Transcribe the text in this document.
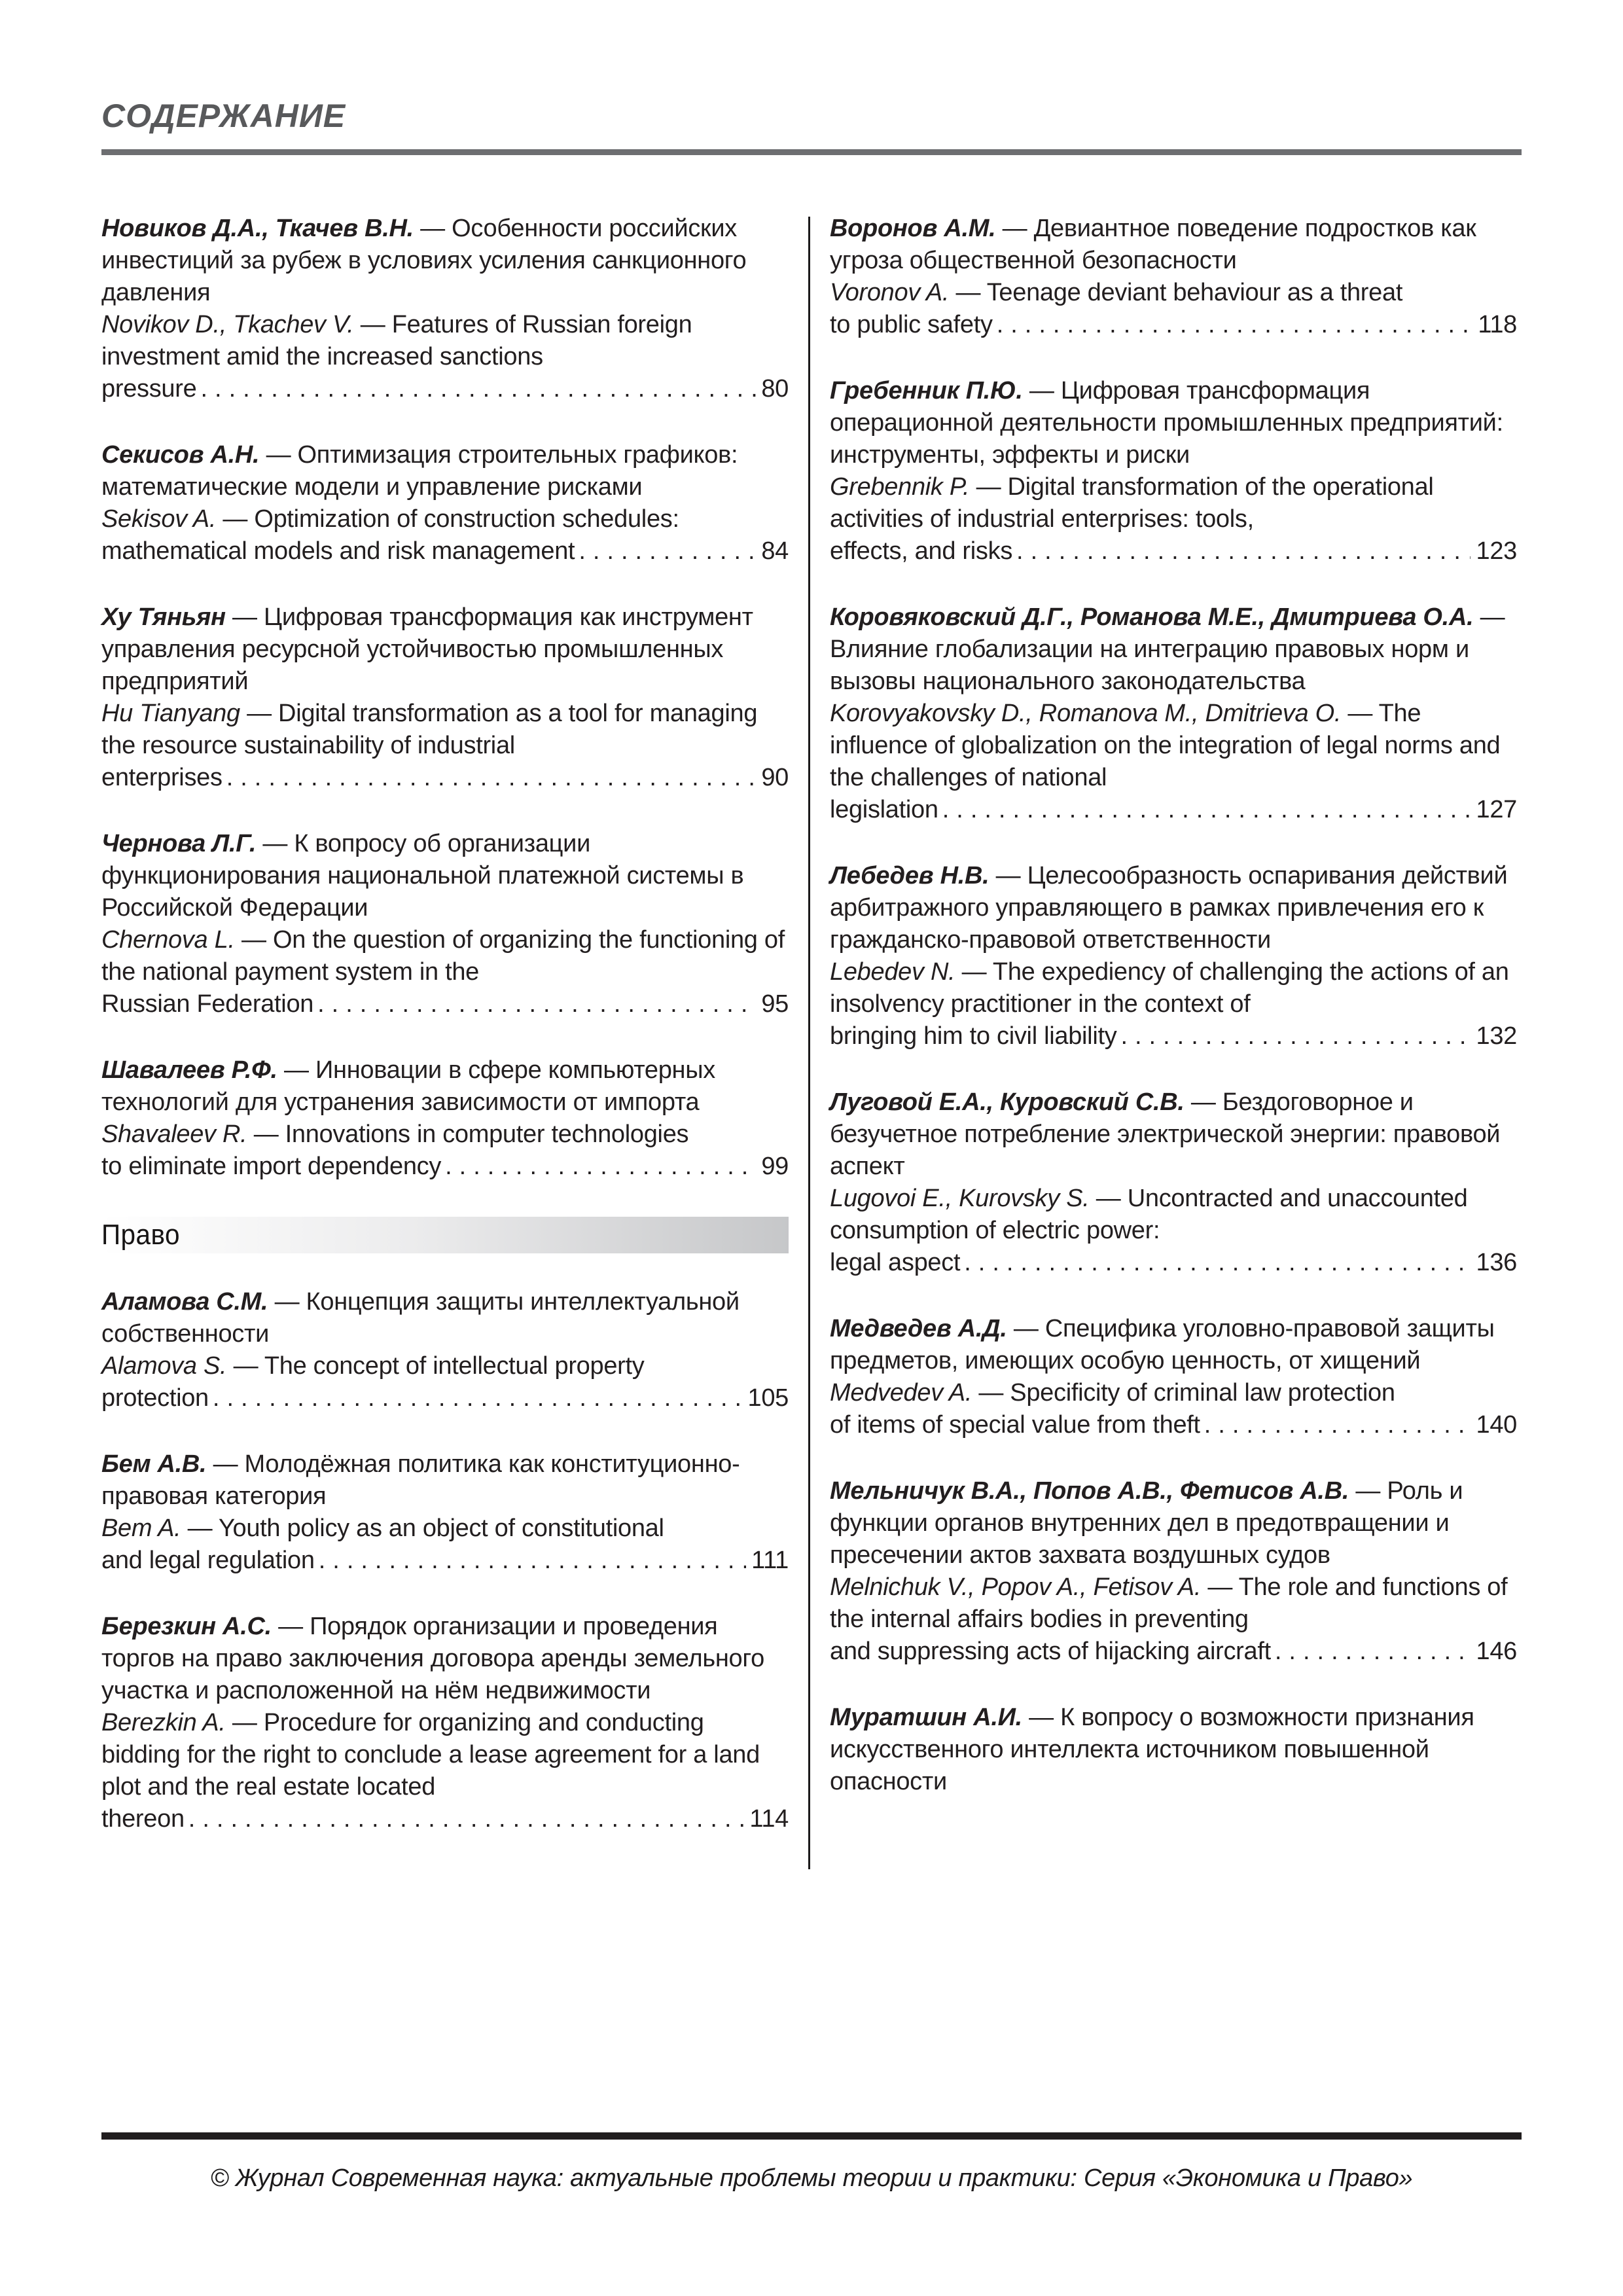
СОДЕРЖАНИЕ

Новиков Д.А., Ткачев В.Н. — Особенности российских инвестиций за рубеж в условиях усиления санкционного давления

Novikov D., Tkachev V. — Features of Russian foreign investment amid the increased sanctions

pressure .....	80

Секисов А.Н. — Оптимизация строительных графиков: математические модели и управление рисками

Sekisov A. — Optimization of construction schedules:

mathematical models and risk management .....	84

Ху Тяньян — Цифровая трансформация как инструмент управления ресурсной устойчивостью промышленных предприятий

Hu Tianyang — Digital transformation as a tool for managing the resource sustainability of industrial

enterprises .....	90

Чернова Л.Г. — К вопросу об организации функционирования национальной платежной системы в Российской Федерации

Chernova L. — On the question of organizing the functioning of the national payment system in the

Russian Federation .....	95

Шавалеев Р.Ф. — Инновации в сфере компьютерных технологий для устранения зависимости от импорта

Shavaleev R. — Innovations in computer technologies

to eliminate import dependency .....	99
Право

Аламова С.М. — Концепция защиты интеллектуальной собственности

Alamova S. — The concept of intellectual property

protection .....	105

Бем А.В. — Молодёжная политика как конституционно-правовая категория

Bem A. — Youth policy as an object of constitutional

and legal regulation .....	111

Березкин А.С. — Порядок организации и проведения торгов на право заключения договора аренды земельного участка и расположенной на нём недвижимости

Berezkin A. — Procedure for organizing and conducting bidding for the right to conclude a lease agreement for a land plot and the real estate located

thereon .....	114

Воронов А.М. — Девиантное поведение подростков как угроза общественной безопасности

Voronov A. — Teenage deviant behaviour as a threat

to public safety .....	118

Гребенник П.Ю. — Цифровая трансформация операционной деятельности промышленных предприятий: инструменты, эффекты и риски

Grebennik P. — Digital transformation of the operational activities of industrial enterprises: tools,

effects, and risks .....	123

Коровяковский Д.Г., Романова М.Е., Дмитриева О.А. — Влияние глобализации на интеграцию правовых норм и вызовы национального законодательства

Korovyakovsky D., Romanova M., Dmitrieva O. — The influence of globalization on the integration of legal norms and the challenges of national

legislation .....	127

Лебедев Н.В. — Целесообразность оспаривания действий арбитражного управляющего в рамках привлечения его к гражданско-правовой ответственности

Lebedev N. — The expediency of challenging the actions of an insolvency practitioner in the context of

bringing him to civil liability .....	132

Луговой Е.А., Куровский С.В. — Бездоговорное и безучетное потребление электрической энергии: правовой аспект

Lugovoi E., Kurovsky S. — Uncontracted and unaccounted consumption of electric power:

legal aspect .....	136

Медведев А.Д. — Специфика уголовно-правовой защиты предметов, имеющих особую ценность, от хищений

Medvedev A. — Specificity of criminal law protection

of items of special value from theft .....	140

Мельничук В.А., Попов А.В., Фетисов А.В. — Роль и функции органов внутренних дел в предотвращении и пресечении актов захвата воздушных судов

Melnichuk V., Popov A., Fetisov A. — The role and functions of the internal affairs bodies in preventing

and suppressing acts of hijacking aircraft .....	146

Муратшин А.И. — К вопросу о возможности признания искусственного интеллекта источником повышенной опасности

© Журнал Современная наука: актуальные проблемы теории и практики: Серия «Экономика и Право»
